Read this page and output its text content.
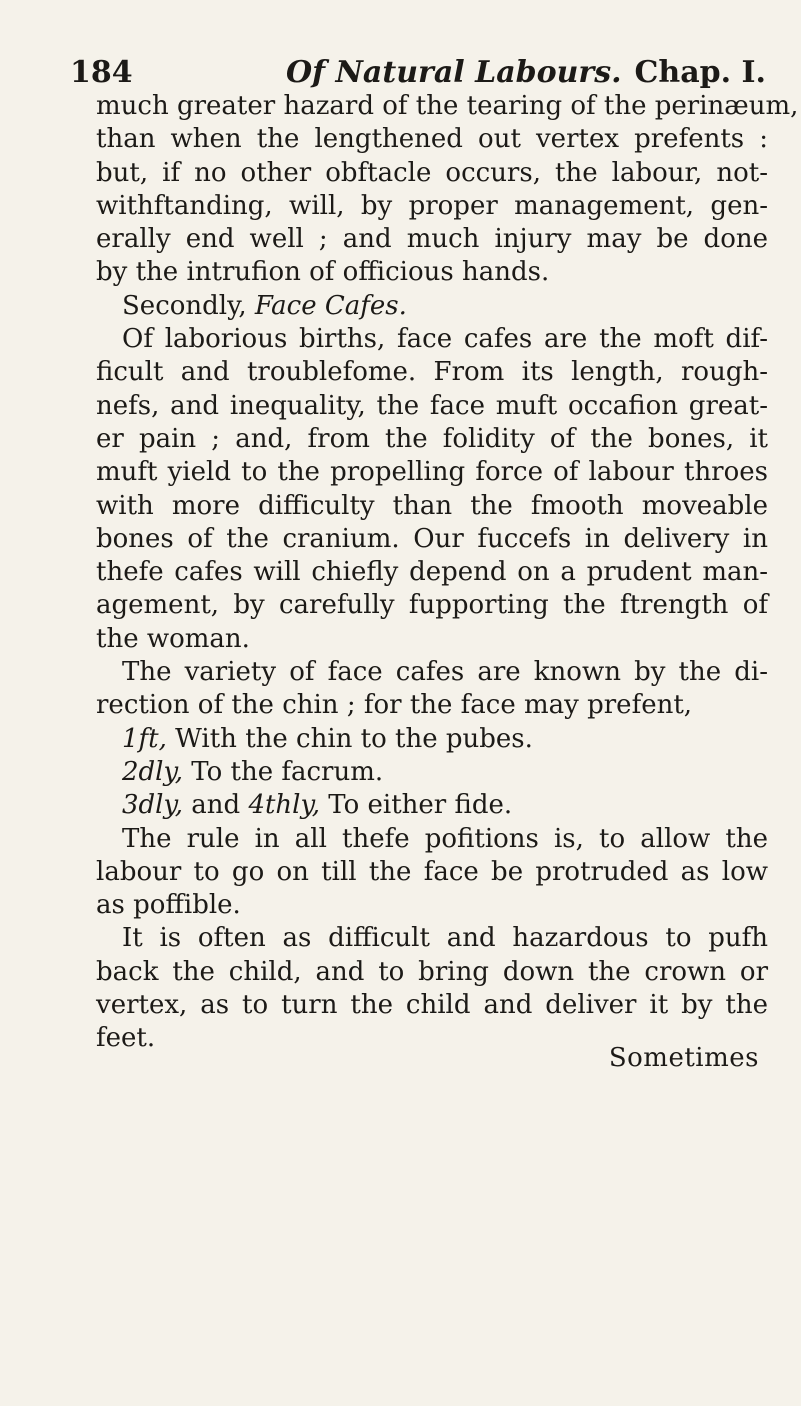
184	Of Natural Labours. Chap. I.
much greater hazard of the tearing of the perinæum,
than when the lengthened out vertex prefents :
but, if no other obftacle occurs, the labour, not-
withftanding, will, by proper management, gen-
erally end well ; and much injury may be done
by the intrufion of officious hands.
Secondly, Face Cafes.
Of laborious births, face cafes are the moft dif-
ficult and troublefome. From its length, rough-
nefs, and inequality, the face muft occafion great-
er pain ; and, from the folidity of the bones, it
muft yield to the propelling force of labour throes
with more difficulty than the fmooth moveable
bones of the cranium. Our fuccefs in delivery in
thefe cafes will chiefly depend on a prudent man-
agement, by carefully fupporting the ftrength of
the woman.
The variety of face cafes are known by the di-
rection of the chin ; for the face may prefent,
1ft, With the chin to the pubes.
2dly, To the facrum.
3dly, and 4thly, To either fide.
The rule in all thefe pofitions is, to allow the
labour to go on till the face be protruded as low
as poffible.
It is often as difficult and hazardous to pufh
back the child, and to bring down the crown or
vertex, as to turn the child and deliver it by the
feet.
Sometimes
